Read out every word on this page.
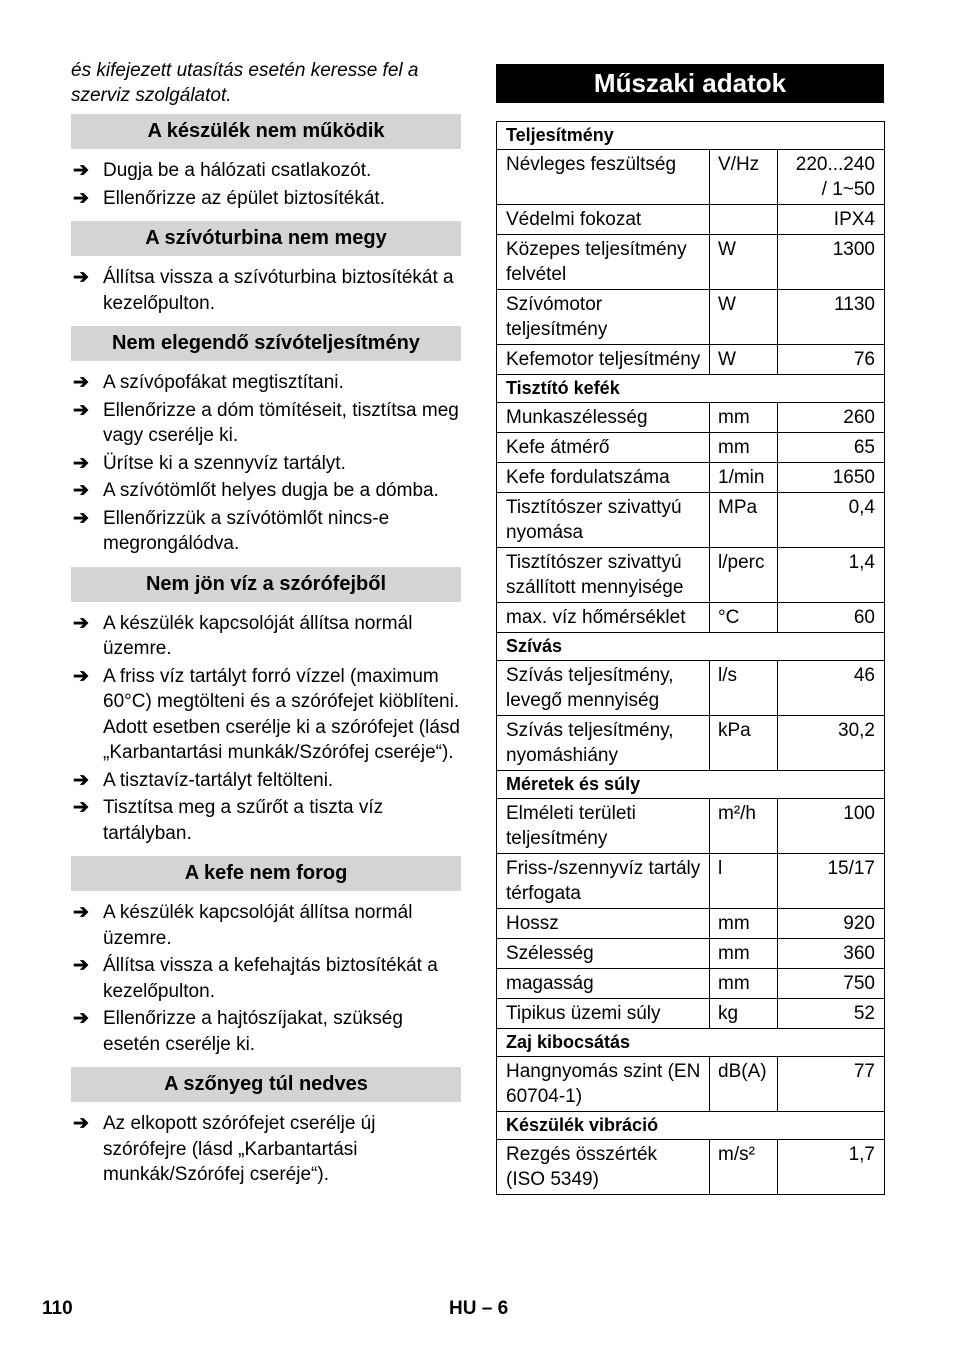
és kifejezett utasítás esetén keresse fel a szerviz szolgálatot.

A készülék nem működik
➔ Dugja be a hálózati csatlakozót.
➔ Ellenőrizze az épület biztosítékát.
A szívóturbina nem megy
➔ Állítsa vissza a szívóturbina biztosítékát a kezelőpulton.
Nem elegendő szívóteljesítmény
➔ A szívópofákat megtisztítani.
➔ Ellenőrizze a dóm tömítéseit, tisztítsa meg vagy cserélje ki.
➔ Ürítse ki a szennyvíz tartályt.
➔ A szívótömlőt helyes dugja be a dómba.
➔ Ellenőrizzük a szívótömlőt nincs-e megrongálódva.
Nem jön víz a szórófejből
➔ A készülék kapcsolóját állítsa normál üzemre.
➔ A friss víz tartályt forró vízzel (maximum 60°C) megtölteni és a szórófejet kiöblíteni. Adott esetben cserélje ki a szórófejet (lásd „Karbantartási munkák/Szórófej cseréje“).
➔ A tisztavíz-tartályt feltölteni.
➔ Tisztítsa meg a szűrőt a tiszta víz tartályban.
A kefe nem forog
➔ A készülék kapcsolóját állítsa normál üzemre.
➔ Állítsa vissza a kefehajtás biztosítékát a kezelőpulton.
➔ Ellenőrizze a hajtószíjakat, szükség esetén cserélje ki.
A szőnyeg túl nedves
➔ Az elkopott szórófejet cserélje új szórófejre (lásd „Karbantartási munkák/Szórófej cseréje“).
Műszaki adatok
Teljesítmény		
Névleges feszültség	V/Hz	220...240 / 1~50
Védelmi fokozat		IPX4
Közepes teljesítmény felvétel	W	1300
Szívómotor teljesítmény	W	1130
Kefemotor teljesítmény	W	76
Tisztító kefék		
Munkaszélesség	mm	260
Kefe átmérő	mm	65
Kefe fordulatszáma	1/min	1650
Tisztítószer szivattyú nyomása	MPa	0,4
Tisztítószer szivattyú szállított mennyisége	l/perc	1,4
max. víz hőmérséklet	°C	60
Szívás		
Szívás teljesítmény, levegő mennyiség	l/s	46
Szívás teljesítmény, nyomáshiány	kPa	30,2
Méretek és súly		
Elméleti területi teljesítmény	m²/h	100
Friss-/szennyvíz tartály térfogata	l	15/17
Hossz	mm	920
Szélesség	mm	360
magasság	mm	750
Tipikus üzemi súly	kg	52
Zaj kibocsátás		
Hangnyomás szint (EN 60704-1)	dB(A)	77
Készülék vibráció		
Rezgés összérték (ISO 5349)	m/s²	1,7
110	HU – 6
